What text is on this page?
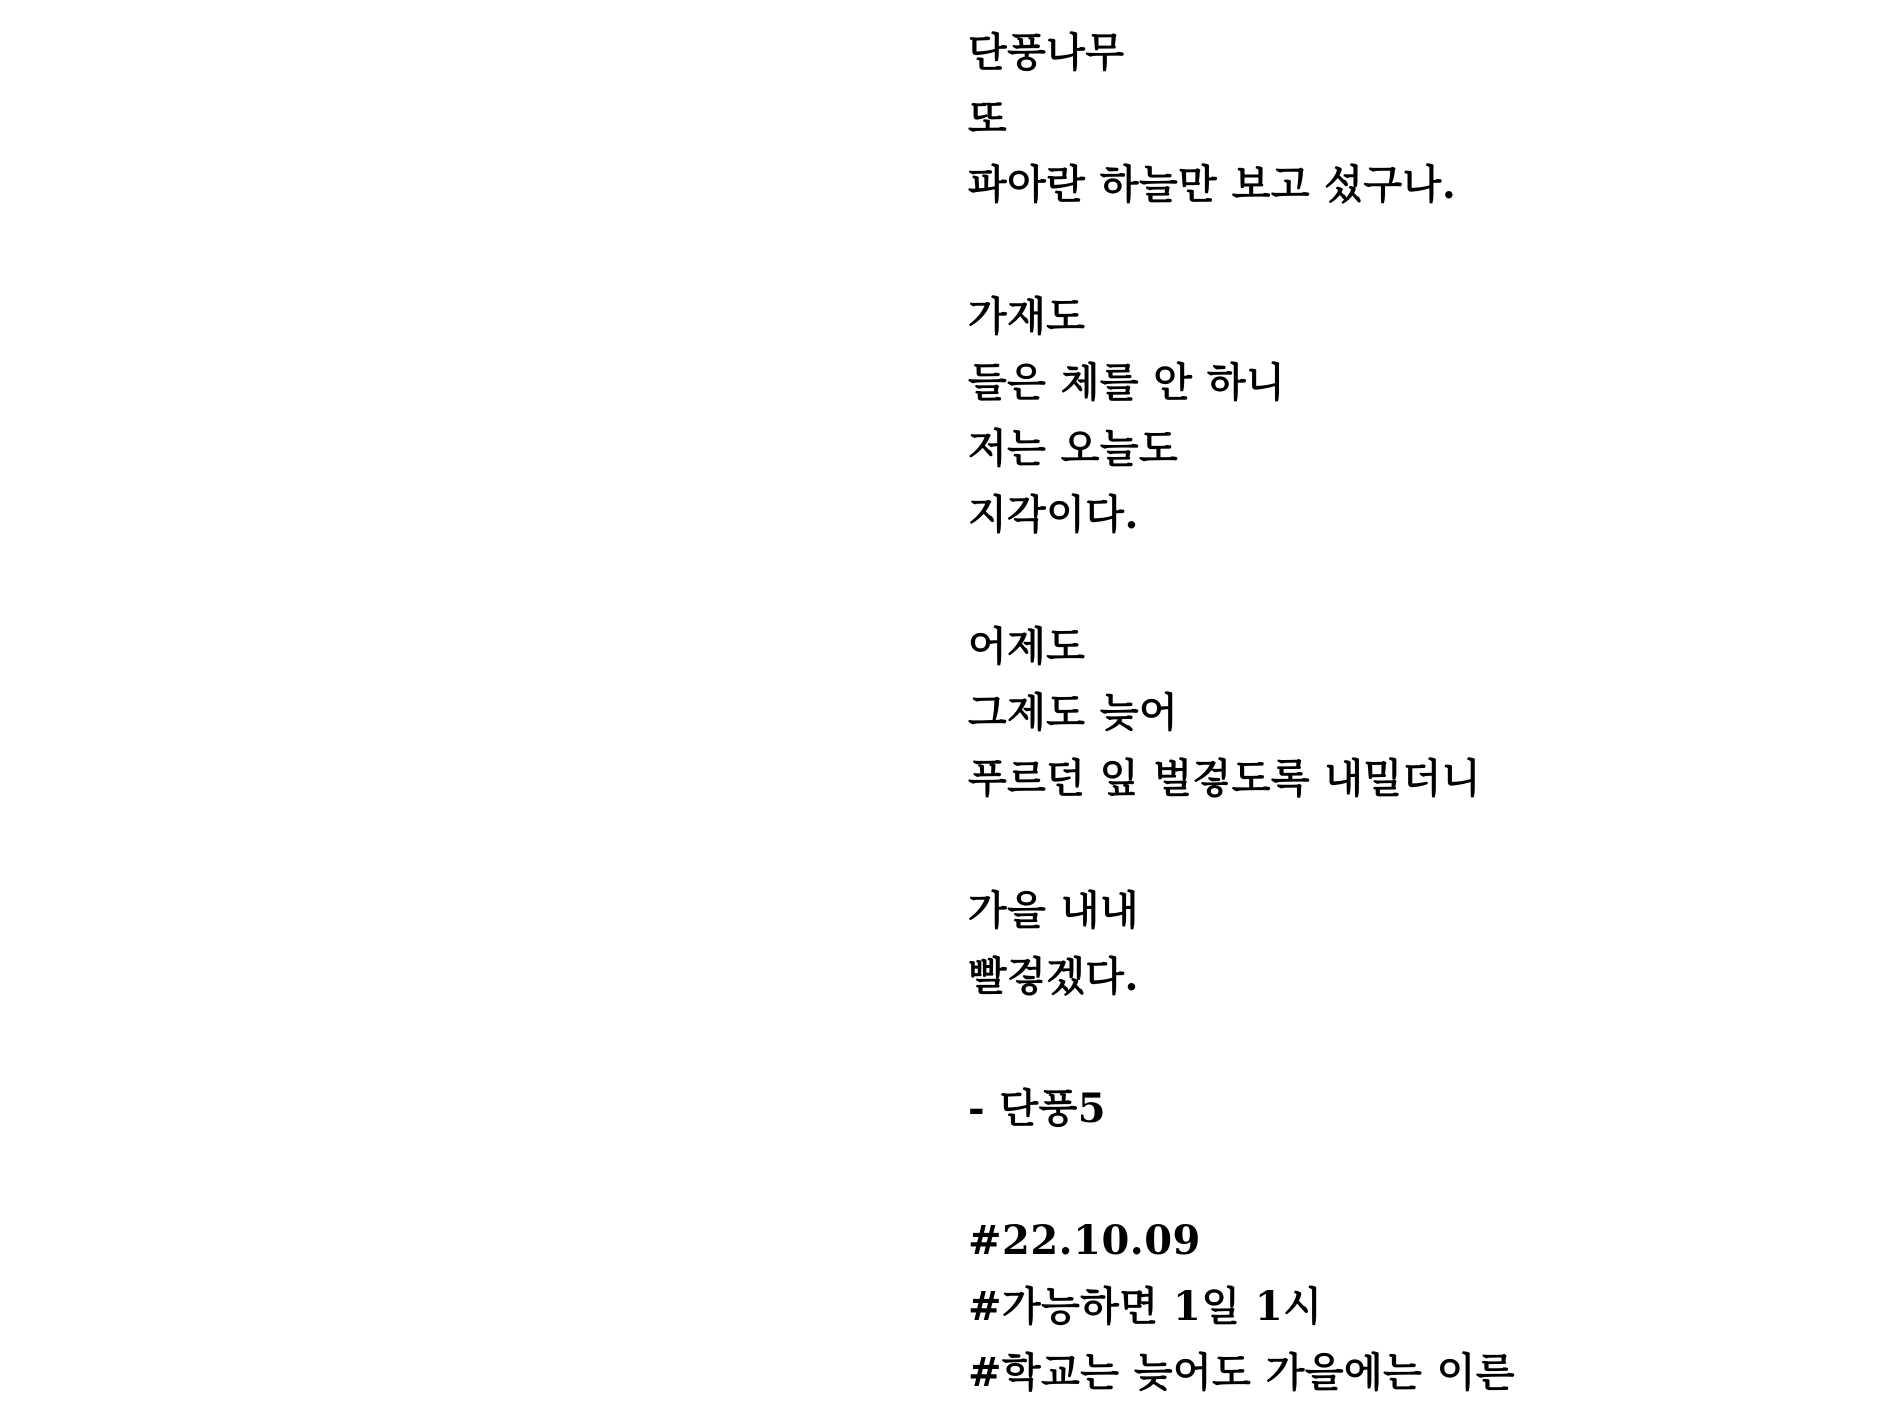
단풍나무
또
파아란 하늘만 보고 섰구나.
가재도
들은 체를 안 하니
저는 오늘도
지각이다.
어제도
그제도 늦어
푸르던 잎 벌겋도록 내밀더니
가을 내내
빨겋겠다.
- 단풍5
#22.10.09
#가능하면 1일 1시
#학교는 늦어도 가을에는 이른
